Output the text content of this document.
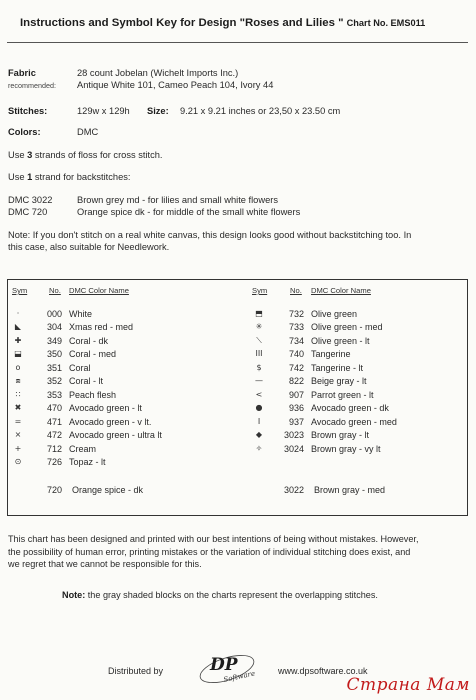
Instructions and Symbol Key for Design "Roses and Lilies " Chart No. EMS011
Fabric
recommended:
28 count Jobelan (Wichelt Imports Inc.)
Antique White 101, Cameo Peach 104, Ivory 44
Stitches:	129w x 129h Size: 9.21 x 9.21 inches or 23,50 x 23.50 cm
Colors:	DMC
Use 3 strands of floss for cross stitch.
Use 1 strand for backstitches:
DMC 3022	Brown grey md - for lilies and small white flowers
DMC 720	Orange spice dk - for middle of the small white flowers
Note: If you don't stitch on a real white canvas, this design looks good without backstitching too. In
this case, also suitable for Needlework.
Sym	No. DMC Color Name	Sym	No. DMC Color Name
·	000 White
◣	304 Xmas red - med
✚	349 Coral - dk
⬓	350 Coral - med
o	351 Coral
⧈	352 Coral - lt
∷	353 Peach flesh
✖	470 Avocado green - lt
=	471 Avocado green - v lt.
⨯	472 Avocado green - ultra lt
+	712 Cream
⊙	726 Topaz - lt
⬒	732 Olive green
✳	733 Olive green - med
⟍	734 Olive green - lt
III	740 Tangerine
$	742 Tangerine - lt
—	822 Beige gray - lt
<	907 Parrot green - lt
●	936 Avocado green - dk
I	937 Avocado green - med
◆	3023 Brown gray - lt
✧	3024 Brown gray - vy lt
720 Orange spice - dk	3022 Brown gray - med
This chart has been designed and printed with our best intentions of being without mistakes. However,
the possibility of human error, printing mistakes or the variation of individual stitching does exist, and
we regret that we cannot be responsible for this.
Note: the gray shaded blocks on the charts represent the overlapping stitches.
Distributed by	DP
Software www.dpsoftware.co.uk
Страна Мам
